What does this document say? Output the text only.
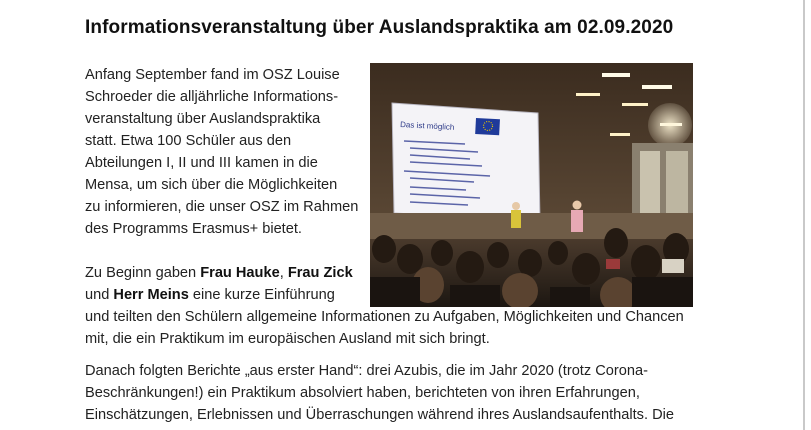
Informationsveranstaltung über Auslandspraktika am 02.09.2020

Anfang September fand im OSZ Louise

Schroeder die alljährliche Informations-

veranstaltung über Auslandspraktika

statt. Etwa 100 Schüler aus den

Abteilungen I, II und III kamen in die

Mensa, um sich über die Möglichkeiten

zu informieren, die unser OSZ im Rahmen

des Programms Erasmus+ bietet.

Zu Beginn gaben Frau Hauke, Frau Zick

und Herr Meins eine kurze Einführung

und teilten den Schülern allgemeine Informationen zu Aufgaben, Möglichkeiten und Chancen

mit, die ein Praktikum im europäischen Ausland mit sich bringt.

Danach folgten Berichte „aus erster Hand“: drei Azubis, die im Jahr 2020 (trotz Corona-

Beschränkungen!) ein Praktikum absolviert haben, berichteten von ihren Erfahrungen,

Einschätzungen, Erlebnissen und Überraschungen während ihres Auslandsaufenthalts. Die

Das ist möglich
